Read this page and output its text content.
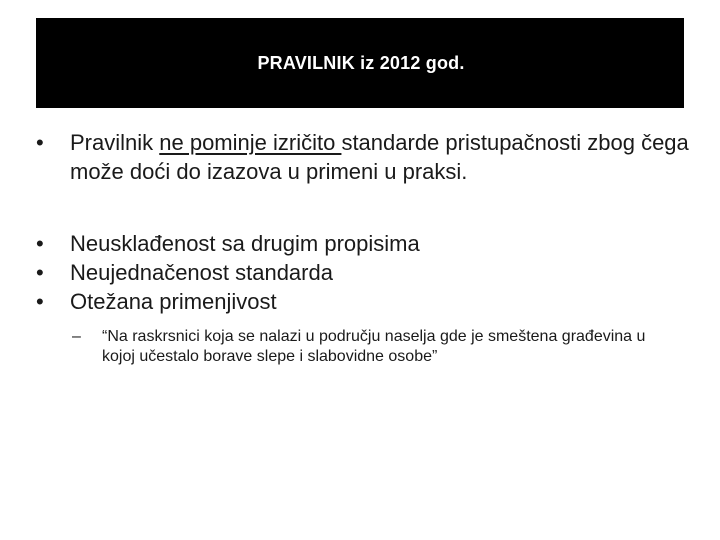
PRAVILNIK iz 2012 god.
•	Pravilnik ne pominje izričito standarde pristupačnosti zbog čega može doći do izazova u primeni u praksi.
•	Neusklađenost sa drugim propisima
•	Neujednačenost standarda
•	Otežana primenjivost
–	“Na raskrsnici koja se nalazi u području naselja gde je smeštena građevina u kojoj učestalo borave slepe i slabovidne osobe”
